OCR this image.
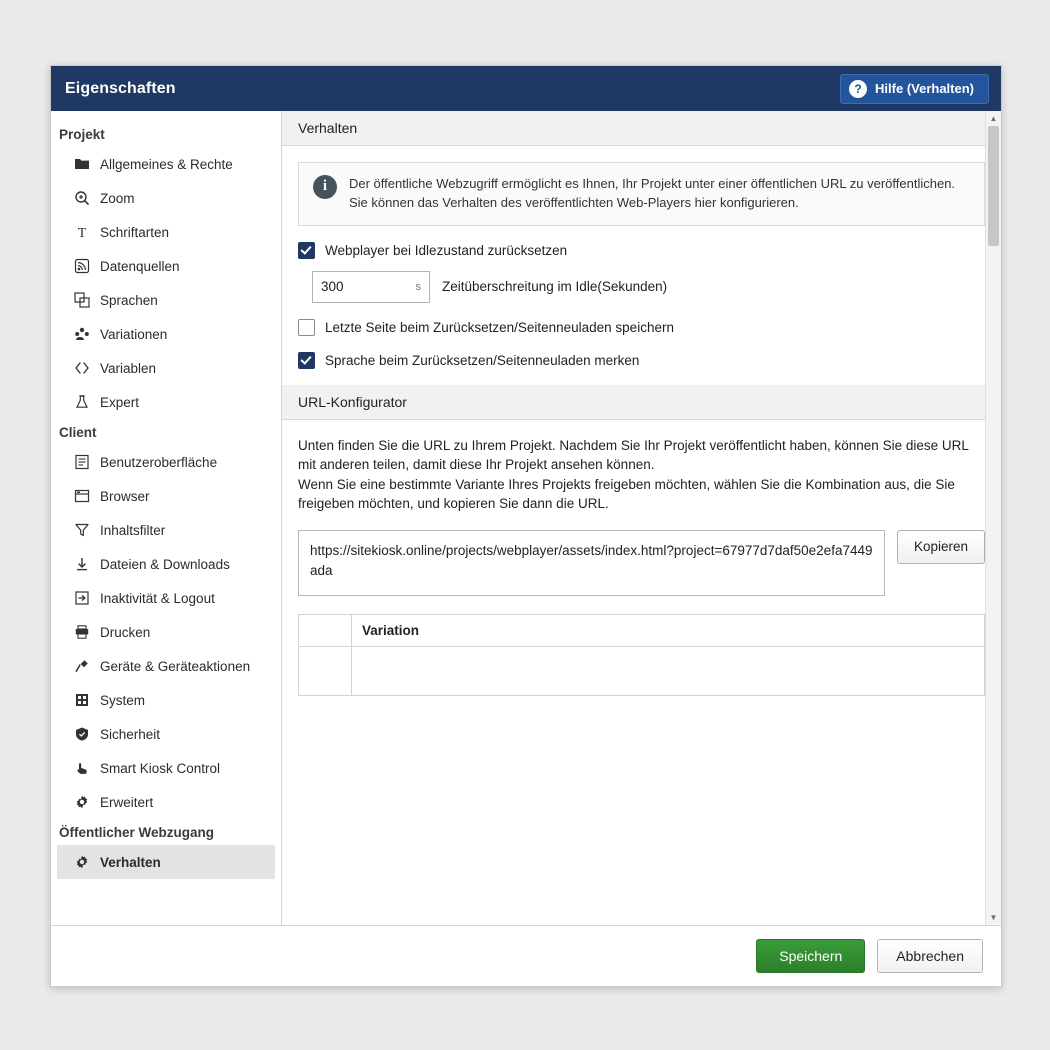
Eigenschaften	?	Hilfe (Verhalten)
Projekt
Allgemeines & Rechte
Zoom
T Schriftarten
Datenquellen
Sprachen
Variationen
Variablen
Expert
Client
Benutzeroberfläche
Browser
Inhaltsfilter
Dateien & Downloads
Inaktivität & Logout
Drucken
Geräte & Geräteaktionen
System
Sicherheit
Smart Kiosk Control
Erweitert
Öffentlicher Webzugang
Verhalten
Verhalten
i	Der öffentliche Webzugriff ermöglicht es Ihnen, Ihr Projekt unter einer öffentlichen URL zu veröffentlichen. Sie können das Verhalten des veröffentlichten Web-Players hier konfigurieren.
Webplayer bei Idlezustand zurücksetzen
300	s Zeitüberschreitung im Idle(Sekunden)
Letzte Seite beim Zurücksetzen/Seitenneuladen speichern
Sprache beim Zurücksetzen/Seitenneuladen merken
URL-Konfigurator
Unten finden Sie die URL zu Ihrem Projekt. Nachdem Sie Ihr Projekt veröffentlicht haben, können Sie diese URL mit anderen teilen, damit diese Ihr Projekt ansehen können.
Wenn Sie eine bestimmte Variante Ihres Projekts freigeben möchten, wählen Sie die Kombination aus, die Sie freigeben möchten, und kopieren Sie dann die URL.
https://sitekiosk.online/projects/webplayer/assets/index.html?project=67977d7daf50e2efa7449ada
Kopieren
	Variation

▲
▼
Speichern	Abbrechen
